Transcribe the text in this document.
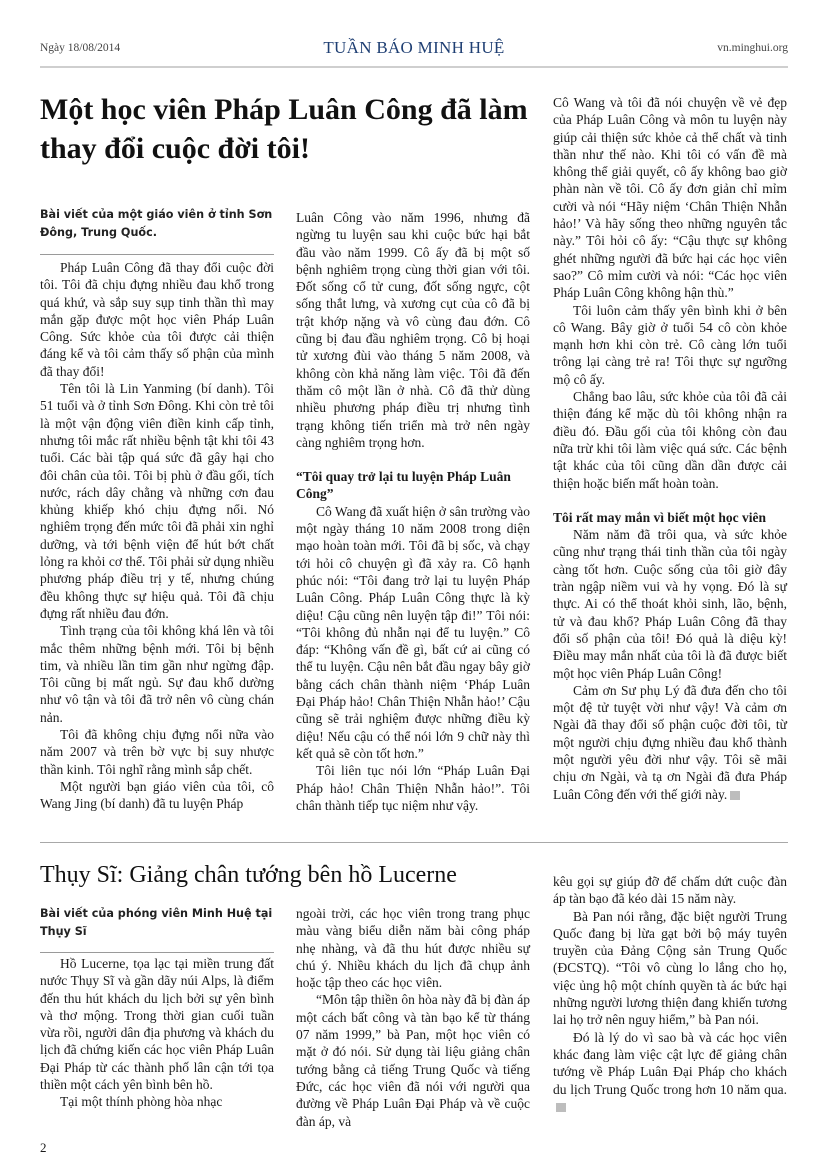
Ngày 18/08/2014	TUẦN BÁO MINH HUỆ	vn.minghui.org
Một học viên Pháp Luân Công đã làm thay đổi cuộc đời tôi!
Bài viết của một giáo viên ở tỉnh Sơn Đông, Trung Quốc.

Pháp Luân Công đã thay đổi cuộc đời tôi. Tôi đã chịu đựng nhiều đau khổ trong quá khứ, và sắp suy sụp tinh thần thì may mắn gặp được một học viên Pháp Luân Công. Sức khỏe của tôi được cải thiện đáng kể và tôi cảm thấy số phận của mình đã thay đổi!

Tên tôi là Lin Yanming (bí danh). Tôi 51 tuổi và ở tỉnh Sơn Đông. Khi còn trẻ tôi là một vận động viên điền kinh cấp tỉnh, nhưng tôi mắc rất nhiều bệnh tật khi tôi 43 tuổi. Các bài tập quá sức đã gây hại cho đôi chân của tôi. Tôi bị phù ở đầu gối, tích nước, rách dây chằng và những cơn đau khủng khiếp khó chịu đựng nổi. Nó nghiêm trọng đến mức tôi đã phải xin nghỉ dưỡng, và tới bệnh viện để hút bớt chất lỏng ra khỏi cơ thể. Tôi phải sử dụng nhiều phương pháp điều trị y tế, nhưng chúng đều không thực sự hiệu quả. Tôi đã chịu đựng rất nhiều đau đớn.

Tình trạng của tôi không khá lên và tôi mắc thêm những bệnh mới. Tôi bị bệnh tim, và nhiều lần tim gần như ngừng đập. Tôi cũng bị mất ngủ. Sự đau khổ dường như vô tận và tôi đã trở nên vô cùng chán nản.

Tôi đã không chịu đựng nổi nữa vào năm 2007 và trên bờ vực bị suy nhược thần kinh. Tôi nghĩ rằng mình sắp chết.

Một người bạn giáo viên của tôi, cô Wang Jing (bí danh) đã tu luyện Pháp

Luân Công vào năm 1996, nhưng đã ngừng tu luyện sau khi cuộc bức hại bắt đầu vào năm 1999. Cô ấy đã bị một số bệnh nghiêm trọng cùng thời gian với tôi. Đốt sống cổ tử cung, đốt sống ngực, cột sống thắt lưng, và xương cụt của cô đã bị trật khớp nặng và vô cùng đau đớn. Cô cũng bị đau đầu nghiêm trọng. Cô bị hoại tử xương đùi vào tháng 5 năm 2008, và không còn khả năng làm việc. Tôi đã đến thăm cô một lần ở nhà. Cô đã thử dùng nhiều phương pháp điều trị nhưng tình trạng không tiến triển mà trở nên ngày càng nghiêm trọng hơn.

“Tôi quay trở lại tu luyện Pháp Luân Công”

Cô Wang đã xuất hiện ở sân trường vào một ngày tháng 10 năm 2008 trong diện mạo hoàn toàn mới. Tôi đã bị sốc, và chạy tới hỏi cô chuyện gì đã xảy ra. Cô hạnh phúc nói: “Tôi đang trở lại tu luyện Pháp Luân Công. Pháp Luân Công thực là kỳ diệu! Cậu cũng nên luyện tập đi!” Tôi nói: “Tôi không đủ nhẫn nại để tu luyện.” Cô đáp: “Không vấn đề gì, bất cứ ai cũng có thể tu luyện. Cậu nên bắt đầu ngay bây giờ bằng cách chân thành niệm ‘Pháp Luân Đại Pháp hảo! Chân Thiện Nhẫn hảo!’ Cậu cũng sẽ trải nghiệm được những điều kỳ diệu! Nếu cậu có thể nói lớn 9 chữ này thì kết quả sẽ còn tốt hơn.”

Tôi liên tục nói lớn “Pháp Luân Đại Pháp hảo! Chân Thiện Nhẫn hảo!”. Tôi chân thành tiếp tục niệm như vậy.

Cô Wang và tôi đã nói chuyện về vẻ đẹp của Pháp Luân Công và môn tu luyện này giúp cải thiện sức khỏe cả thể chất và tinh thần như thế nào. Khi tôi có vấn đề mà không thể giải quyết, cô ấy không bao giờ phàn nàn về tôi. Cô ấy đơn giản chỉ mỉm cười và nói “Hãy niệm ‘Chân Thiện Nhẫn hảo!’ Và hãy sống theo những nguyên tắc này.” Tôi hỏi cô ấy: “Cậu thực sự không ghét những người đã bức hại các học viên sao?” Cô mỉm cười và nói: “Các học viên Pháp Luân Công không hận thù.”

Tôi luôn cảm thấy yên bình khi ở bên cô Wang. Bây giờ ở tuổi 54 cô còn khỏe mạnh hơn khi còn trẻ. Cô càng lớn tuổi trông lại càng trẻ ra! Tôi thực sự ngưỡng mộ cô ấy.

Chẳng bao lâu, sức khỏe của tôi đã cải thiện đáng kể mặc dù tôi không nhận ra điều đó. Đầu gối của tôi không còn đau nữa trừ khi tôi làm việc quá sức. Các bệnh tật khác của tôi cũng dần dần được cải thiện hoặc biến mất hoàn toàn.

Tôi rất may mắn vì biết một học viên

Năm năm đã trôi qua, và sức khỏe cũng như trạng thái tinh thần của tôi ngày càng tốt hơn. Cuộc sống của tôi giờ đây tràn ngập niềm vui và hy vọng. Đó là sự thực. Ai có thể thoát khỏi sinh, lão, bệnh, tử và đau khổ? Pháp Luân Công đã thay đổi số phận của tôi! Đó quả là diệu kỳ! Điều may mắn nhất của tôi là đã được biết một học viên Pháp Luân Công!

Cảm ơn Sư phụ Lý đã đưa đến cho tôi một đệ tử tuyệt vời như vậy! Và cảm ơn Ngài đã thay đổi số phận cuộc đời tôi, từ một người chịu đựng nhiều đau khổ thành một người yêu đời như vậy. Tôi sẽ mãi chịu ơn Ngài, và tạ ơn Ngài đã đưa Pháp Luân Công đến với thế giới này.

Thụy Sĩ: Giảng chân tướng bên hồ Lucerne
Bài viết của phóng viên Minh Huệ tại Thụy Sĩ

Hồ Lucerne, tọa lạc tại miền trung đất nước Thụy Sĩ và gần dãy núi Alps, là điểm đến thu hút khách du lịch bởi sự yên bình và thơ mộng. Trong thời gian cuối tuần vừa rồi, người dân địa phương và khách du lịch đã chứng kiến các học viên Pháp Luân Đại Pháp từ các thành phố lân cận tới tọa thiền một cách yên bình bên hồ.

Tại một thính phòng hòa nhạc

ngoài trời, các học viên trong trang phục màu vàng biểu diễn năm bài công pháp nhẹ nhàng, và đã thu hút được nhiều sự chú ý. Nhiều khách du lịch đã chụp ảnh hoặc tập theo các học viên.

“Môn tập thiền ôn hòa này đã bị đàn áp một cách bất công và tàn bạo kể từ tháng 07 năm 1999,” bà Pan, một học viên có mặt ở đó nói. Sử dụng tài liệu giảng chân tướng bằng cả tiếng Trung Quốc và tiếng Đức, các học viên đã nói với người qua đường về Pháp Luân Đại Pháp và về cuộc đàn áp, và

kêu gọi sự giúp đỡ để chấm dứt cuộc đàn áp tàn bạo đã kéo dài 15 năm này.

Bà Pan nói rằng, đặc biệt người Trung Quốc đang bị lừa gạt bởi bộ máy tuyên truyền của Đảng Cộng sản Trung Quốc (ĐCSTQ). “Tôi vô cùng lo lắng cho họ, việc ủng hộ một chính quyền tà ác bức hại những người lương thiện đang khiến tương lai họ trở nên nguy hiểm,” bà Pan nói.

Đó là lý do vì sao bà và các học viên khác đang làm việc cật lực để giảng chân tướng về Pháp Luân Đại Pháp cho khách du lịch Trung Quốc trong hơn 10 năm qua.

2
